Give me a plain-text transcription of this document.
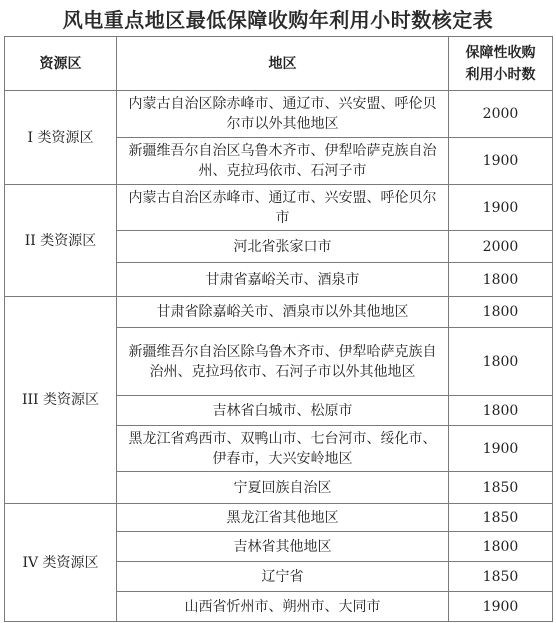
风电重点地区最低保障收购年利用小时数核定表
资源区	地区	保障性收购
利用小时数
I 类资源区	内蒙古自治区除赤峰市、通辽市、兴安盟、呼伦贝尔市以外其他地区	2000
	新疆维吾尔自治区乌鲁木齐市、伊犁哈萨克族自治州、克拉玛依市、石河子市	1900
II 类资源区	内蒙古自治区赤峰市、通辽市、兴安盟、呼伦贝尔市	1900
	河北省张家口市	2000
	甘肃省嘉峪关市、酒泉市	1800
III 类资源区	甘肃省除嘉峪关市、酒泉市以外其他地区	1800
	新疆维吾尔自治区除乌鲁木齐市、伊犁哈萨克族自治州、克拉玛依市、石河子市以外其他地区	1800
	吉林省白城市、松原市	1800
	黑龙江省鸡西市、双鸭山市、七台河市、绥化市、伊春市，大兴安岭地区	1900
	宁夏回族自治区	1850
IV 类资源区	黑龙江省其他地区	1850
	吉林省其他地区	1800
	辽宁省	1850
	山西省忻州市、朔州市、大同市	1900
